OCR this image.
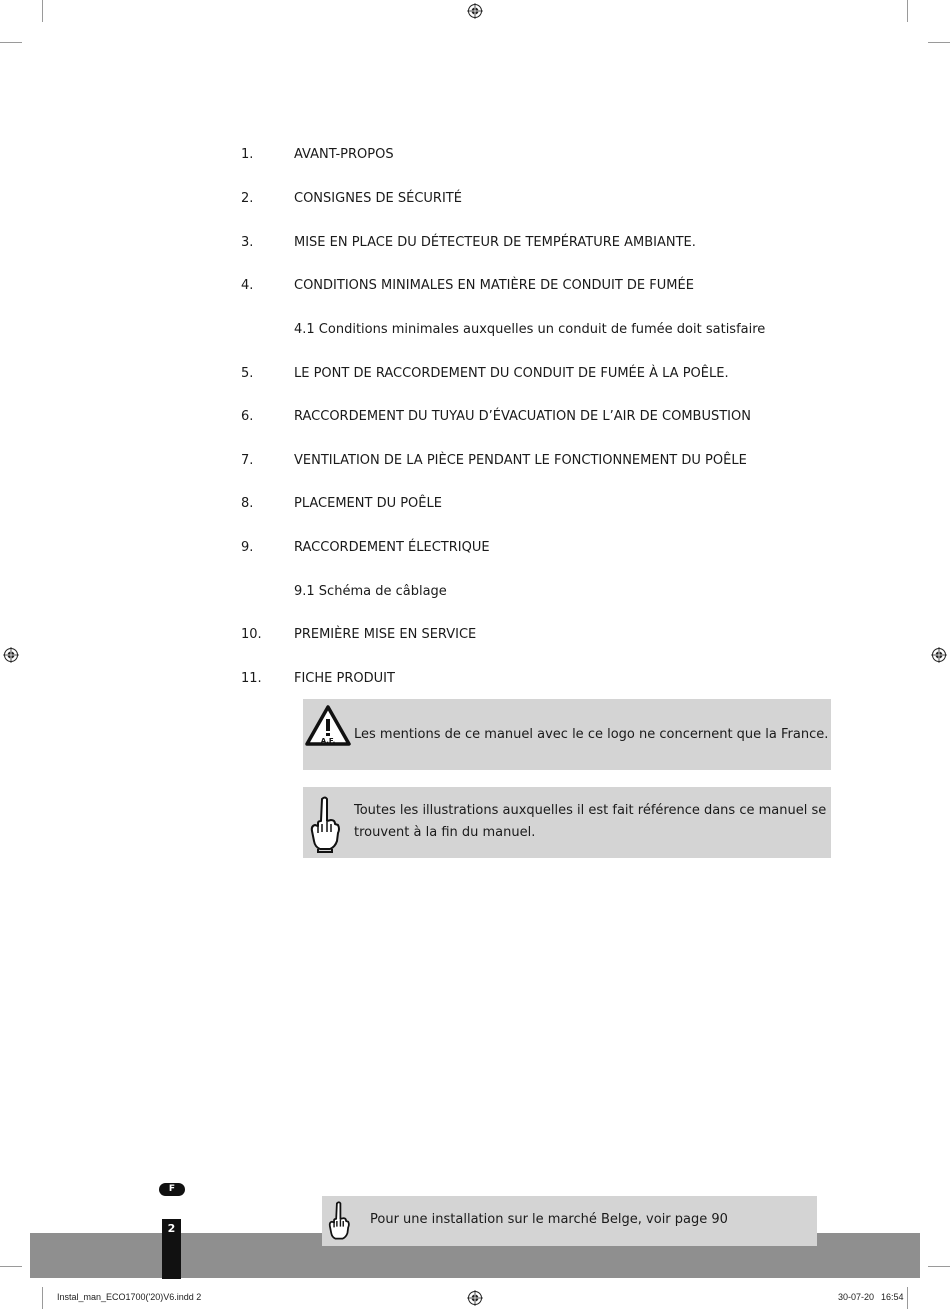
1.	AVANT-PROPOS
2.	CONSIGNES DE SÉCURITÉ
3.	MISE EN PLACE DU DÉTECTEUR DE TEMPÉRATURE AMBIANTE.
4.	CONDITIONS MINIMALES EN MATIÈRE DE CONDUIT DE FUMÉE
4.1 Conditions minimales auxquelles un conduit de fumée doit satisfaire
5.	LE PONT DE RACCORDEMENT DU CONDUIT DE FUMÉE À LA POÊLE.
6.	RACCORDEMENT DU TUYAU D’ÉVACUATION DE L’AIR DE COMBUSTION
7.	VENTILATION DE LA PIÈCE PENDANT LE FONCTIONNEMENT DU POÊLE
8.	PLACEMENT DU POÊLE
9.	RACCORDEMENT ÉLECTRIQUE
9.1 Schéma de câblage
10. PREMIÈRE MISE EN SERVICE
11. FICHE PRODUIT
A.F. Les mentions de ce manuel avec le ce logo ne concernent que la France.
Toutes les illustrations auxquelles il est fait référence dans ce manuel se
trouvent à la fin du manuel.
F
2
Pour une installation sur le marché Belge, voir page 90
Instal_man_ECO1700('20)V6.indd 2	30-07-20 16:54
